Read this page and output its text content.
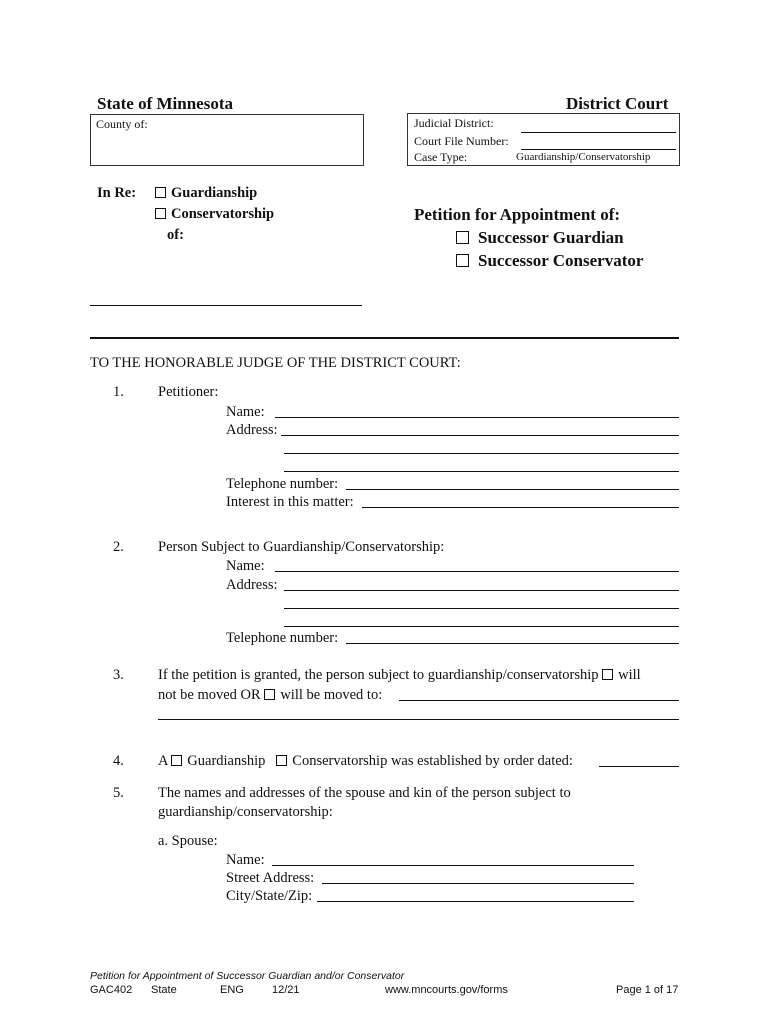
State of Minnesota	District Court
County of:	Judicial District:
Court File Number:
Case Type:	Guardianship/Conservatorship
In Re:	Guardianship
Conservatorship
of:
Petition for Appointment of:
Successor Guardian
Successor Conservator
TO THE HONORABLE JUDGE OF THE DISTRICT COURT:
1. Petitioner:
Name:
Address:
Telephone number:
Interest in this matter:
2. Person Subject to Guardianship/Conservatorship:
Name:
Address:
Telephone number:
3. If the petition is granted, the person subject to guardianship/conservatorship will
not be moved OR will be moved to:
4. A Guardianship Conservatorship was established by order dated:
5. The names and addresses of the spouse and kin of the person subject to
guardianship/conservatorship:
a. Spouse:
Name:
Street Address:
City/State/Zip:
Petition for Appointment of Successor Guardian and/or Conservator
GAC402 State	ENG	12/21	www.mncourts.gov/forms	Page 1 of 17
